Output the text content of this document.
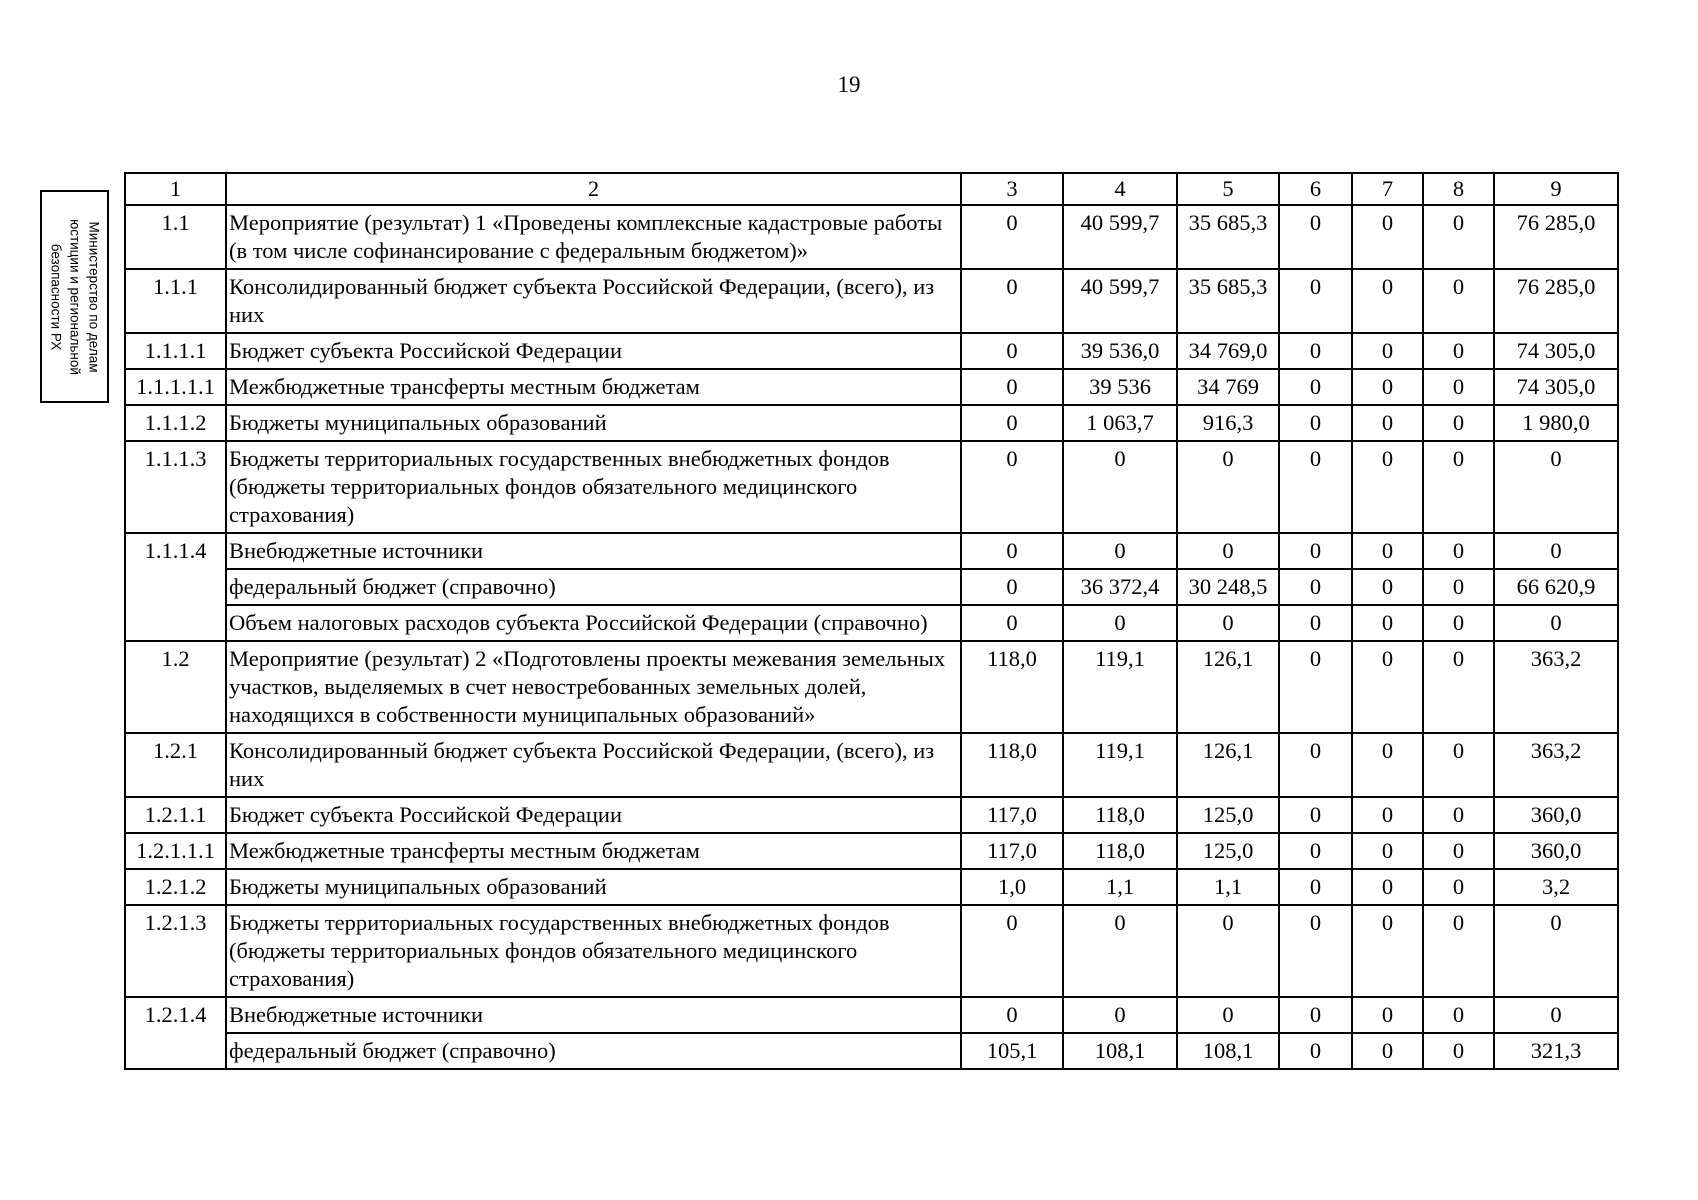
19
Министерство по делам
юстиции и региональной
безопасности РХ
1	2	3	4	5	6	7	8	9
1.1	Мероприятие (результат) 1 «Проведены комплексные кадастровые работы (в том числе софинансирование с федеральным бюджетом)»	0	40 599,7	35 685,3	0	0	0	76 285,0
1.1.1	Консолидированный бюджет субъекта Российской Федерации, (всего), из них	0	40 599,7	35 685,3	0	0	0	76 285,0
1.1.1.1	Бюджет субъекта Российской Федерации	0	39 536,0	34 769,0	0	0	0	74 305,0
1.1.1.1.1	Межбюджетные трансферты местным бюджетам	0	39 536	34 769	0	0	0	74 305,0
1.1.1.2	Бюджеты муниципальных образований	0	1 063,7	916,3	0	0	0	1 980,0
1.1.1.3	Бюджеты территориальных государственных внебюджетных фондов (бюджеты территориальных фондов обязательного медицинского страхования)	0	0	0	0	0	0	0
1.1.1.4	Внебюджетные источники	0	0	0	0	0	0	0
	федеральный бюджет (справочно)	0	36 372,4	30 248,5	0	0	0	66 620,9
	Объем налоговых расходов субъекта Российской Федерации (справочно)	0	0	0	0	0	0	0
1.2	Мероприятие (результат) 2 «Подготовлены проекты межевания земельных участков, выделяемых в счет невостребованных земельных долей, находящихся в собственности муниципальных образований»	118,0	119,1	126,1	0	0	0	363,2
1.2.1	Консолидированный бюджет субъекта Российской Федерации, (всего), из них	118,0	119,1	126,1	0	0	0	363,2
1.2.1.1	Бюджет субъекта Российской Федерации	117,0	118,0	125,0	0	0	0	360,0
1.2.1.1.1	Межбюджетные трансферты местным бюджетам	117,0	118,0	125,0	0	0	0	360,0
1.2.1.2	Бюджеты муниципальных образований	1,0	1,1	1,1	0	0	0	3,2
1.2.1.3	Бюджеты территориальных государственных внебюджетных фондов (бюджеты территориальных фондов обязательного медицинского страхования)	0	0	0	0	0	0	0
1.2.1.4	Внебюджетные источники	0	0	0	0	0	0	0
	федеральный бюджет (справочно)	105,1	108,1	108,1	0	0	0	321,3
